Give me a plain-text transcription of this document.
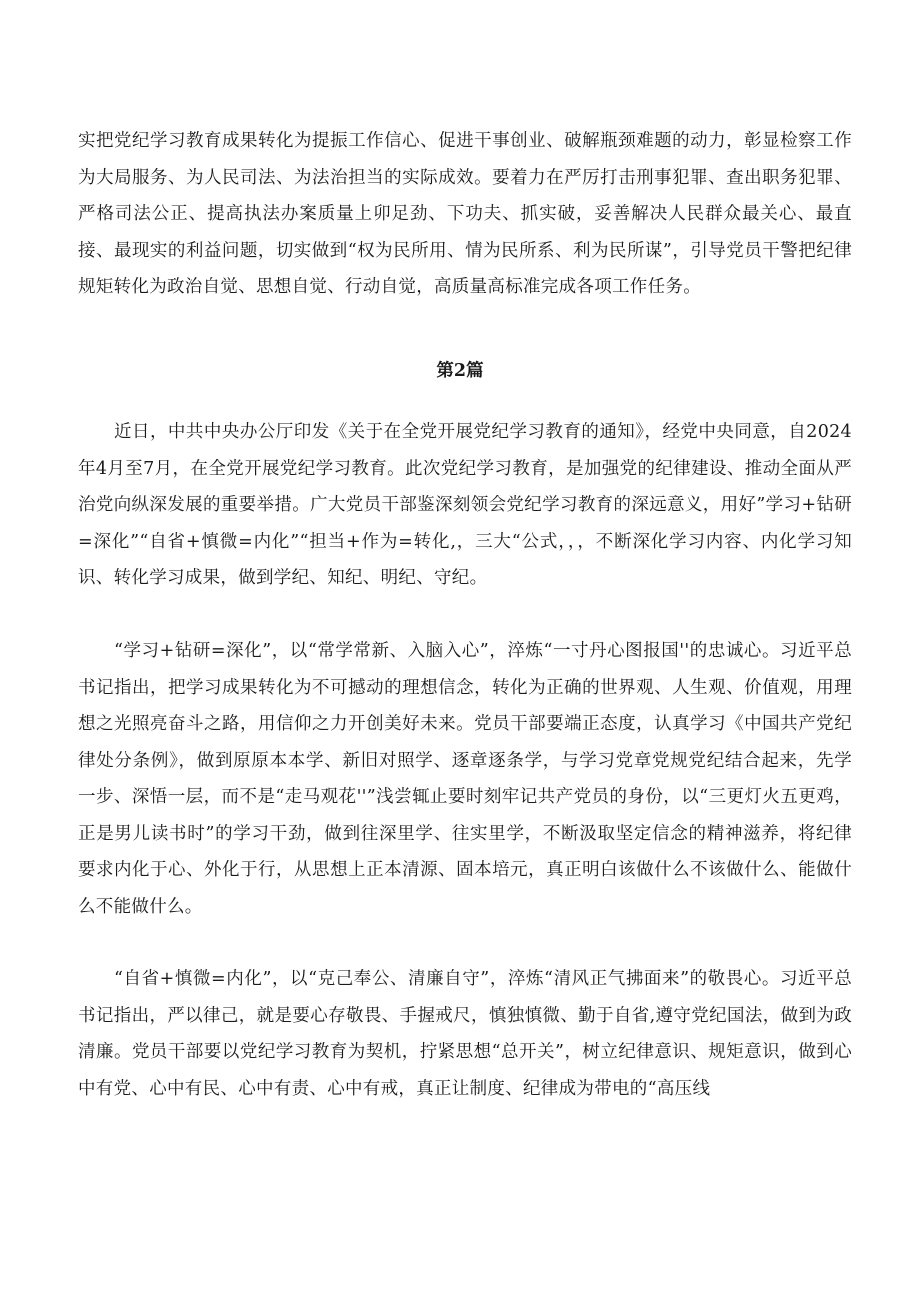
实把党纪学习教育成果转化为提振工作信心、促进干事创业、破解瓶颈难题的动力，彰显检察工作为大局服务、为人民司法、为法治担当的实际成效。要着力在严厉打击刑事犯罪、查出职务犯罪、严格司法公正、提高执法办案质量上卯足劲、下功夫、抓实破，妥善解决人民群众最关心、最直接、最现实的利益问题，切实做到“权为民所用、情为民所系、利为民所谋”，引导党员干警把纪律规矩转化为政治自觉、思想自觉、行动自觉，高质量高标准完成各项工作任务。

第2篇

近日，中共中央办公厅印发《关于在全党开展党纪学习教育的通知》，经党中央同意，自2024年4月至7月，在全党开展党纪学习教育。此次党纪学习教育，是加强党的纪律建设、推动全面从严治党向纵深发展的重要举措。广大党员干部鉴深刻领会党纪学习教育的深远意义，用好”学习+钻研=深化”“自省+慎微=内化”“担当+作为=转化,，三大“公式，，，不断深化学习内容、内化学习知识、转化学习成果，做到学纪、知纪、明纪、守纪。

“学习+钻研=深化”，以“常学常新、入脑入心”，淬炼“一寸丹心图报国''的忠诚心。习近平总书记指出，把学习成果转化为不可撼动的理想信念，转化为正确的世界观、人生观、价值观，用理想之光照亮奋斗之路，用信仰之力开创美好未来。党员干部要端正态度，认真学习《中国共产党纪律处分条例》，做到原原本本学、新旧对照学、逐章逐条学，与学习党章党规党纪结合起来，先学一步、深悟一层，而不是“走马观花''”浅尝辄止要时刻牢记共产党员的身份，以“三更灯火五更鸡，正是男儿读书时”的学习干劲，做到往深里学、往实里学，不断汲取坚定信念的精神滋养，将纪律要求内化于心、外化于行，从思想上正本清源、固本培元，真正明白该做什么不该做什么、能做什么不能做什么。

“自省+慎微=内化”，以“克己奉公、清廉自守”，淬炼“清风正气拂面来”的敬畏心。习近平总书记指出，严以律己，就是要心存敬畏、手握戒尺，慎独慎微、勤于自省,遵守党纪国法，做到为政清廉。党员干部要以党纪学习教育为契机，拧紧思想“总开关”，树立纪律意识、规矩意识，做到心中有党、心中有民、心中有责、心中有戒，真正让制度、纪律成为带电的“高压线
